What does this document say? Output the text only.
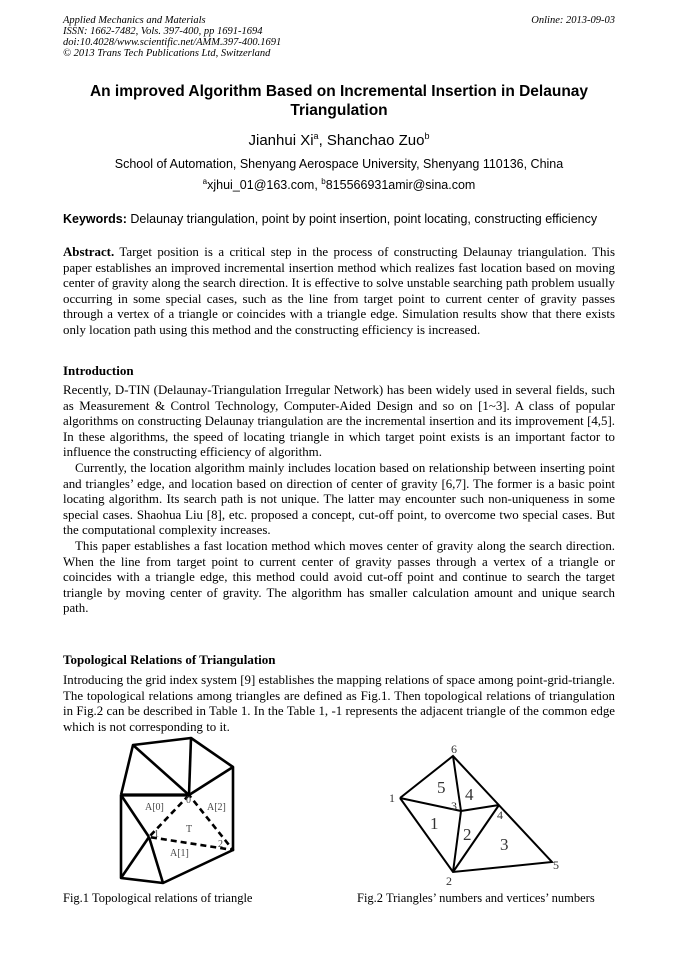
Applied Mechanics and Materials
ISSN: 1662-7482, Vols. 397-400, pp 1691-1694
doi:10.4028/www.scientific.net/AMM.397-400.1691
© 2013 Trans Tech Publications Ltd, Switzerland
Online: 2013-09-03
An improved Algorithm Based on Incremental Insertion in Delaunay Triangulation
Jianhui Xi$^a$, Shanchao Zuo$^b$
School of Automation, Shenyang Aerospace University, Shenyang 110136, China
$^a$xjhui_01@163.com, $^b$815566931amir@sina.com
Keywords: Delaunay triangulation, point by point insertion, point locating, constructing efficiency

Abstract. Target position is a critical step in the process of constructing Delaunay triangulation. This paper establishes an improved incremental insertion method which realizes fast location based on moving center of gravity along the search direction. It is effective to solve unstable searching path problem usually occurring in some special cases, such as the line from target point to current center of gravity passes through a vertex of a triangle or coincides with a triangle edge. Simulation results show that there exists only location path using this method and the constructing efficiency is increased.

Introduction

Recently, D-TIN (Delaunay-Triangulation Irregular Network) has been widely used in several fields, such as Measurement & Control Technology, Computer-Aided Design and so on [1~3]. A class of popular algorithms on constructing Delaunay triangulation are the incremental insertion and its improvement [4,5]. In these algorithms, the speed of locating triangle in which target point exists is an important factor to influence the constructing efficiency of algorithm.

Currently, the location algorithm mainly includes location based on relationship between inserting point and triangles’ edge, and location based on direction of center of gravity [6,7]. The former is a basic point locating algorithm. Its search path is not unique. The latter may encounter such non-uniqueness in some special cases. Shaohua Liu [8], etc. proposed a concept, cut-off point, to overcome two special cases. But the computational complexity increases.

This paper establishes a fast location method which moves center of gravity along the search direction. When the line from target point to current center of gravity passes through a vertex of a triangle or coincides with a triangle edge, this method could avoid cut-off point and continue to search the target triangle by moving center of gravity. The algorithm has smaller calculation amount and unique search path.

Topological Relations of Triangulation

Introducing the grid index system [9] establishes the mapping relations of space among point-grid-triangle. The topological relations among triangles are defined as Fig.1. Then topological relations of triangulation in Fig.2 can be described in Table 1. In the Table 1, -1 represents the adjacent triangle of the common edge which is not corresponding to it.

A[0]	A[2]
A[1]
T
0
1
2
5 4
1
2
3
1
2
3
4
5
6
Fig.1 Topological relations of triangle	Fig.2 Triangles’ numbers and vertices’ numbers
